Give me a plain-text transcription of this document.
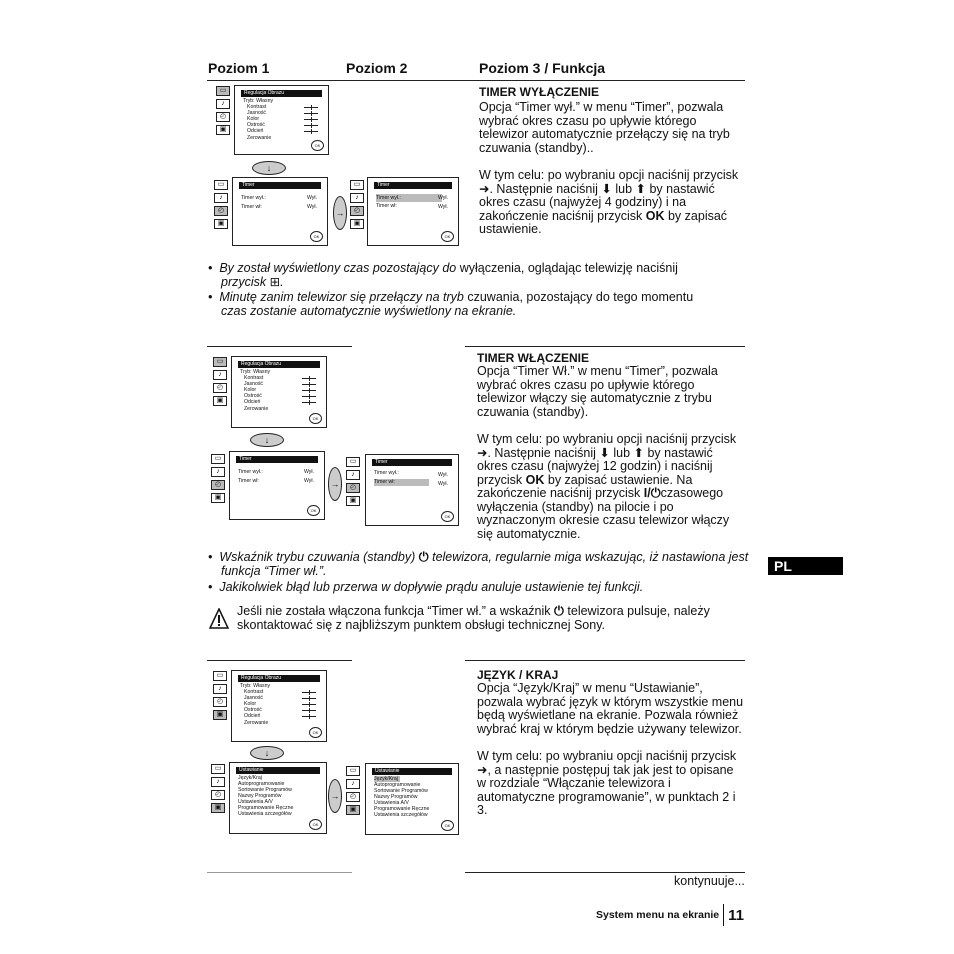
Poziom 1	Poziom 2	Poziom 3 / Funkcja
▭
♪
◴
▣
Regulacja Obrazu
Tryb: Własny
Kontrast
Jasność
Kolor
Ostrość
Odcień
Zerowanie
OK
↓
▭
♪
◴
▣
Timer
Timer wył.:
Timer wł:
Wył.
Wył.
OK
→
▭
♪
◴
▣
Timer
Timer wył.:
Timer wł:
Wył.
Wył.
OK
TIMER WYŁĄCZENIE
Opcja “Timer wył.” w menu “Timer”, pozwala wybrać okres czasu po upływie którego telewizor automatycznie przełączy się na tryb czuwania (standby)..
W tym celu: po wybraniu opcji naciśnij przycisk ➜. Następnie naciśnij ⬇ lub ⬆ by nastawić okres czasu (najwyżej 4 godziny) i na zakończenie naciśnij przycisk OK by zapisać ustawienie.
•  By został wyświetlony czas pozostający do wyłączenia, oglądając telewizję naciśnij
przycisk ⊞.
•  Minutę zanim telewizor się przełączy na tryb czuwania, pozostający do tego momentu
czas zostanie automatycznie wyświetlony na ekranie.
▭
♪
◴
▣
Regulacja Obrazu
Tryb: Własny
Kontrast
Jasność
Kolor
Ostrość
Odcień
Zerowanie
OK
↓
▭
♪
◴
▣
Timer
Timer wył.:
Timer wł:
Wył.
Wył.
OK
→
▭
♪
◴
▣
Timer
Timer wył.:
Timer wł:
Wył.
Wył.
OK
TIMER WŁĄCZENIE
Opcja “Timer Wł.” w menu “Timer”, pozwala wybrać okres czasu po upływie którego telewizor włączy się automatycznie z trybu czuwania (standby).
W tym celu: po wybraniu opcji naciśnij przycisk ➜. Następnie naciśnij ⬇ lub ⬆ by nastawić okres czasu (najwyżej 12 godzin) i naciśnij przycisk OK by zapisać ustawienie. Na zakończenie naciśnij przycisk I/⏻czasowego wyłączenia (standby) na pilocie i po wyznaczonym okresie czasu telewizor włączy się automatycznie.
•  Wskaźnik trybu czuwania (standby) ⏻ telewizora, regularnie miga wskazując, iż nastawiona jest funkcja “Timer wł.”.
•  Jakikolwiek błąd lub przerwa w dopływie prądu anuluje ustawienie tej funkcji.
PL
Jeśli nie została włączona funkcja “Timer wł.” a wskaźnik ⏻ telewizora pulsuje, należy skontaktować się z najbliższym punktem obsługi technicznej Sony.
▭
♪
◴
▣
Regulacja Obrazu
Tryb: Własny
Kontrast
Jasność
Kolor
Ostrość
Odcień
Zerowanie
OK
↓
▭
♪
◴
▣
Ustawianie
Język/Kraj
Autoprogramowanie
Sortowanie Programów
Nazwy Programów
Ustawienia A/V
Programowanie Ręczne
Ustawienia szczegółów
OK
→
▭
♪
◴
▣
Ustawianie
Język/Kraj
Autoprogramowanie
Sortowanie Programów
Nazwy Programów
Ustawienia A/V
Programowanie Ręczne
Ustawienia szczegółów
OK
JĘZYK / KRAJ
Opcja “Język/Kraj” w menu “Ustawianie”, pozwala wybrać język w którym wszystkie menu będą wyświetlane na ekranie. Pozwala również wybrać kraj w którym będzie używany telewizor.
W tym celu: po wybraniu opcji naciśnij przycisk ➜, a następnie postępuj tak jak jest to opisane w rozdziale “Włączanie telewizora i automatyczne programowanie”, w punktach 2 i 3.
kontynuuje...
System menu na ekranie 11
